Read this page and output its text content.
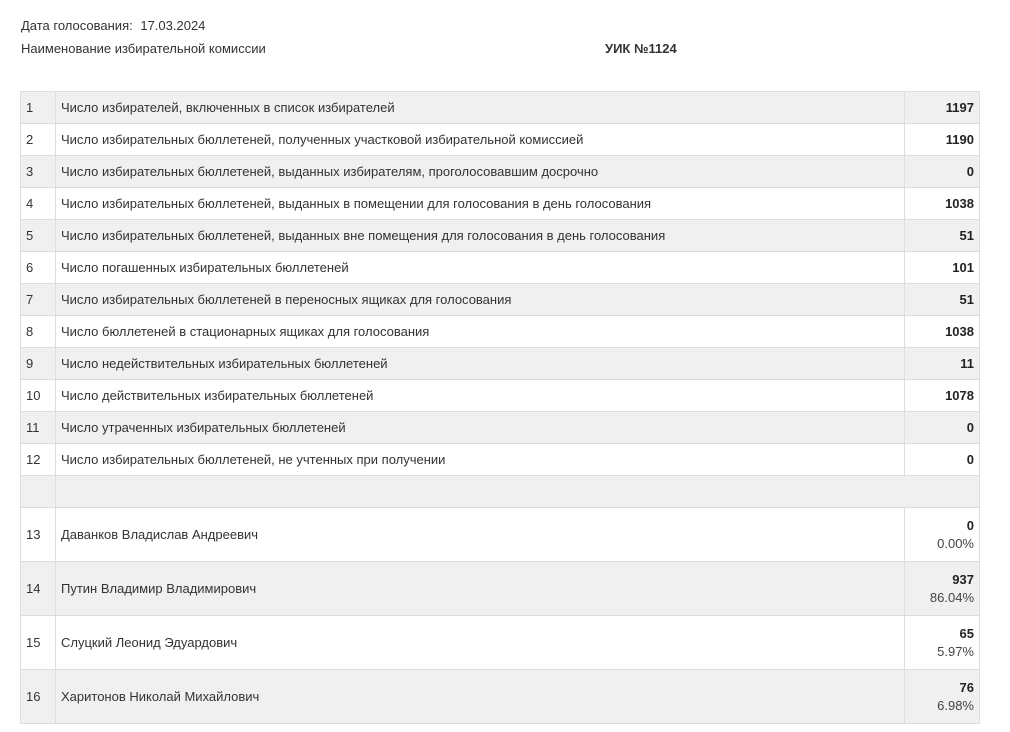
Дата голосования: 17.03.2024
Наименование избирательной комиссии	УИК №1124
1	Число избирателей, включенных в список избирателей	1197
2	Число избирательных бюллетеней, полученных участковой избирательной комиссией	1190
3	Число избирательных бюллетеней, выданных избирателям, проголосовавшим досрочно	0
4	Число избирательных бюллетеней, выданных в помещении для голосования в день голосования	1038
5	Число избирательных бюллетеней, выданных вне помещения для голосования в день голосования	51
6	Число погашенных избирательных бюллетеней	101
7	Число избирательных бюллетеней в переносных ящиках для голосования	51
8	Число бюллетеней в стационарных ящиках для голосования	1038
9	Число недействительных избирательных бюллетеней	11
10	Число действительных избирательных бюллетеней	1078
11	Число утраченных избирательных бюллетеней	0
12	Число избирательных бюллетеней, не учтенных при получении	0

13	Даванков Владислав Андреевич	0
0.00%

14	Путин Владимир Владимирович	937
86.04%

15	Слуцкий Леонид Эдуардович	65
5.97%

16	Харитонов Николай Михайлович	76
6.98%
